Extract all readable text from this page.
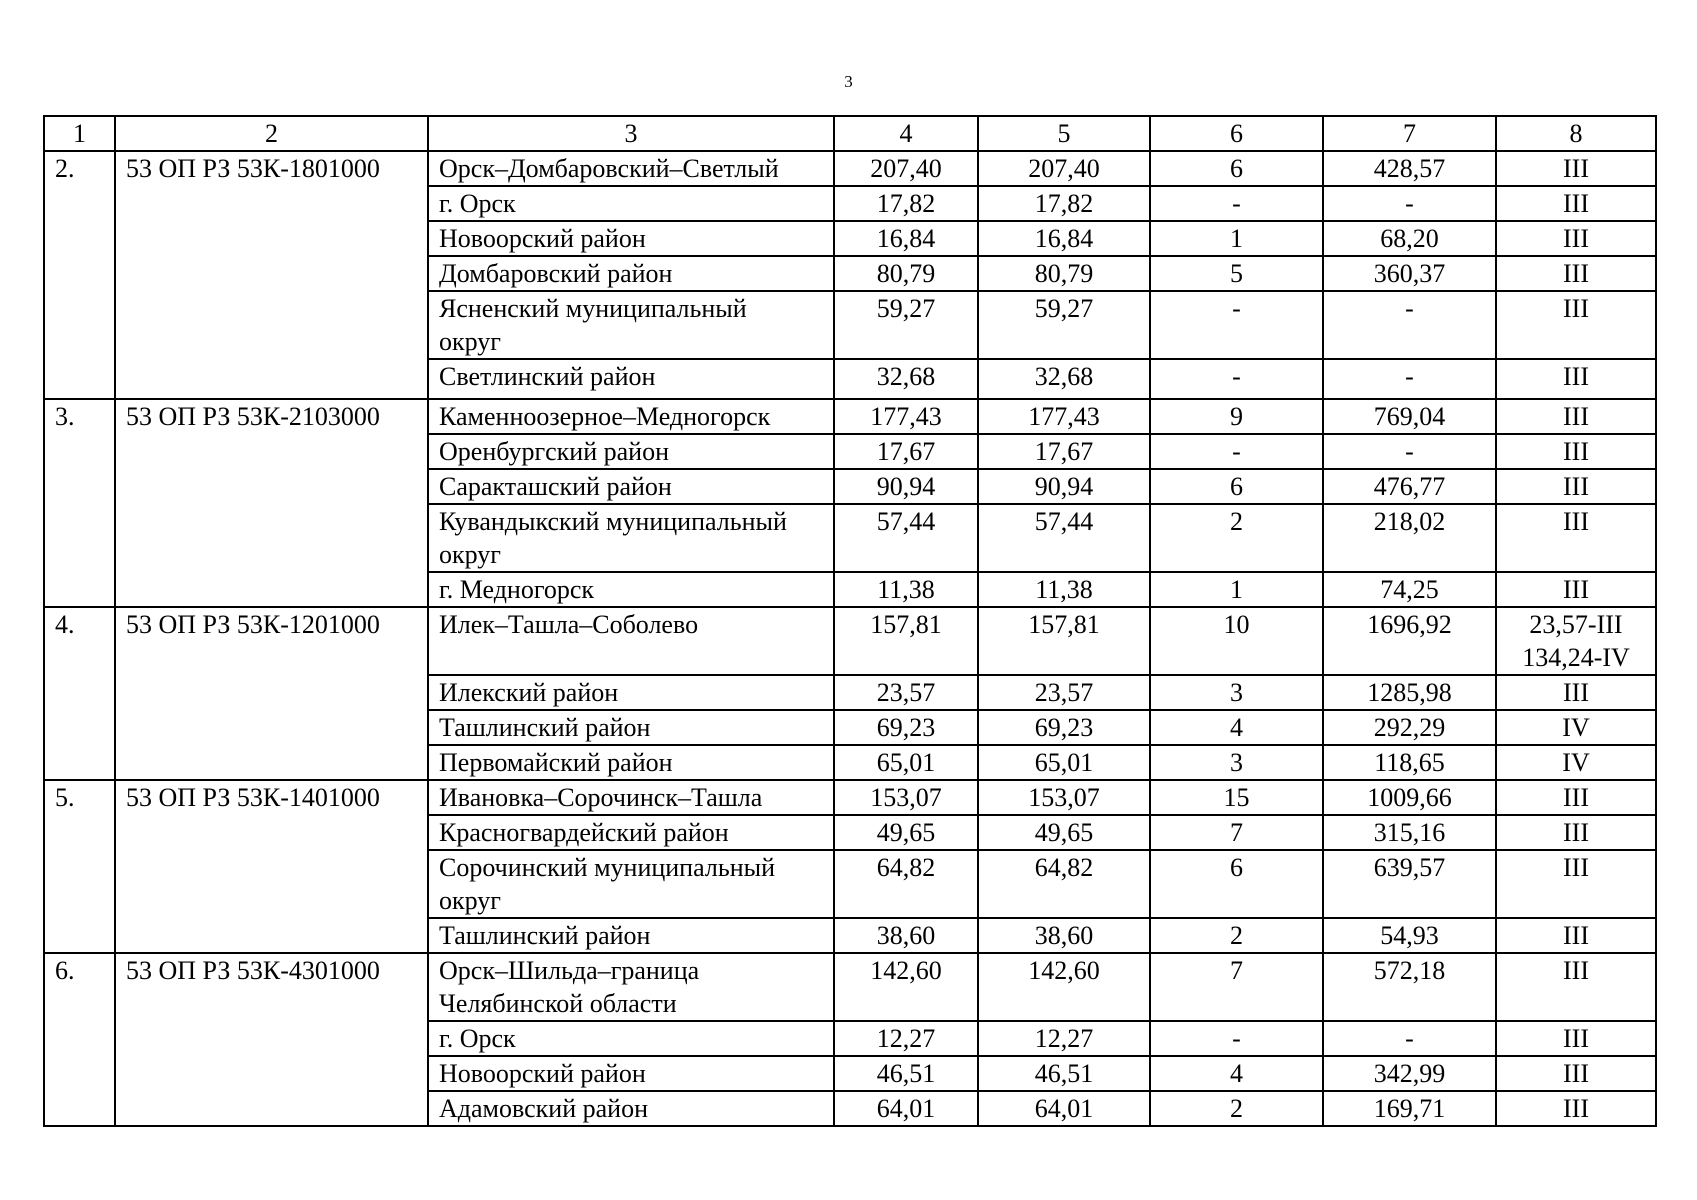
3
1	2	3	4	5	6	7	8
2.	53 ОП РЗ 53К-1801000	Орск–Домбаровский–Светлый	207,40	207,40	6	428,57	III

		г. Орск	17,82	17,82	-	-	III

		Новоорский район	16,84	16,84	1	68,20	III

		Домбаровский район	80,79	80,79	5	360,37	III

		Ясненский муниципальный
округ	59,27	59,27	-	-	III

		Светлинский район	32,68	32,68	-	-	III

3.	53 ОП РЗ 53К-2103000	Каменноозерное–Медногорск	177,43	177,43	9	769,04	III

		Оренбургский район	17,67	17,67	-	-	III

		Саракташский район	90,94	90,94	6	476,77	III

		Кувандыкский муниципальный
округ	57,44	57,44	2	218,02	III

		г. Медногорск	11,38	11,38	1	74,25	III

4.	53 ОП РЗ 53К-1201000	Илек–Ташла–Соболево	157,81	157,81	10	1696,92	23,57-III
134,24-IV

		Илекский район	23,57	23,57	3	1285,98	III

		Ташлинский район	69,23	69,23	4	292,29	IV

		Первомайский район	65,01	65,01	3	118,65	IV

5.	53 ОП РЗ 53К-1401000	Ивановка–Сорочинск–Ташла	153,07	153,07	15	1009,66	III

		Красногвардейский район	49,65	49,65	7	315,16	III

		Сорочинский муниципальный
округ	64,82	64,82	6	639,57	III

		Ташлинский район	38,60	38,60	2	54,93	III

6.	53 ОП РЗ 53К-4301000	Орск–Шильда–граница
Челябинской области	142,60	142,60	7	572,18	III

		г. Орск	12,27	12,27	-	-	III

		Новоорский район	46,51	46,51	4	342,99	III

		Адамовский район	64,01	64,01	2	169,71	III
